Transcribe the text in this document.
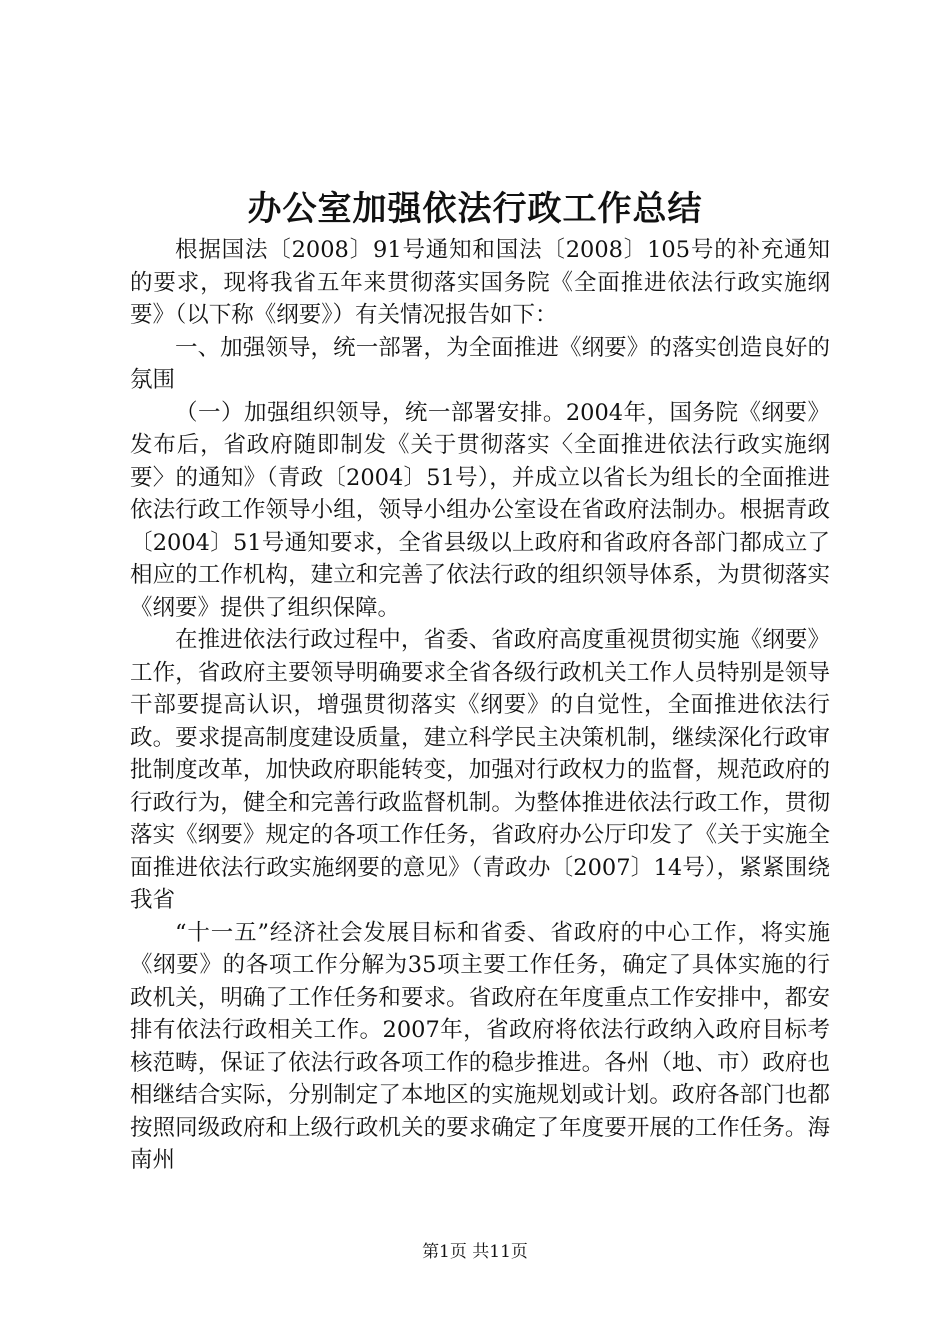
办公室加强依法行政工作总结

根据国法〔2008〕91号通知和国法〔2008〕105号的补充通知的要求，现将我省五年来贯彻落实国务院《全面推进依法行政实施纲要》（以下称《纲要》）有关情况报告如下：

一、加强领导，统一部署，为全面推进《纲要》的落实创造良好的氛围

（一）加强组织领导，统一部署安排。2004年，国务院《纲要》发布后，省政府随即制发《关于贯彻落实〈全面推进依法行政实施纲要〉的通知》（青政〔2004〕51号），并成立以省长为组长的全面推进依法行政工作领导小组，领导小组办公室设在省政府法制办。根据青政〔2004〕51号通知要求，全省县级以上政府和省政府各部门都成立了相应的工作机构，建立和完善了依法行政的组织领导体系，为贯彻落实《纲要》提供了组织保障。

在推进依法行政过程中，省委、省政府高度重视贯彻实施《纲要》工作，省政府主要领导明确要求全省各级行政机关工作人员特别是领导干部要提高认识，增强贯彻落实《纲要》的自觉性，全面推进依法行政。要求提高制度建设质量，建立科学民主决策机制，继续深化行政审批制度改革，加快政府职能转变，加强对行政权力的监督，规范政府的行政行为，健全和完善行政监督机制。为整体推进依法行政工作，贯彻落实《纲要》规定的各项工作任务，省政府办公厅印发了《关于实施全面推进依法行政实施纲要的意见》（青政办〔2007〕14号），紧紧围绕我省

“十一五”经济社会发展目标和省委、省政府的中心工作，将实施《纲要》的各项工作分解为35项主要工作任务，确定了具体实施的行政机关，明确了工作任务和要求。省政府在年度重点工作安排中，都安排有依法行政相关工作。2007年，省政府将依法行政纳入政府目标考核范畴，保证了依法行政各项工作的稳步推进。各州（地、市）政府也相继结合实际，分别制定了本地区的实施规划或计划。政府各部门也都按照同级政府和上级行政机关的要求确定了年度要开展的工作任务。海南州

第1页 共11页
